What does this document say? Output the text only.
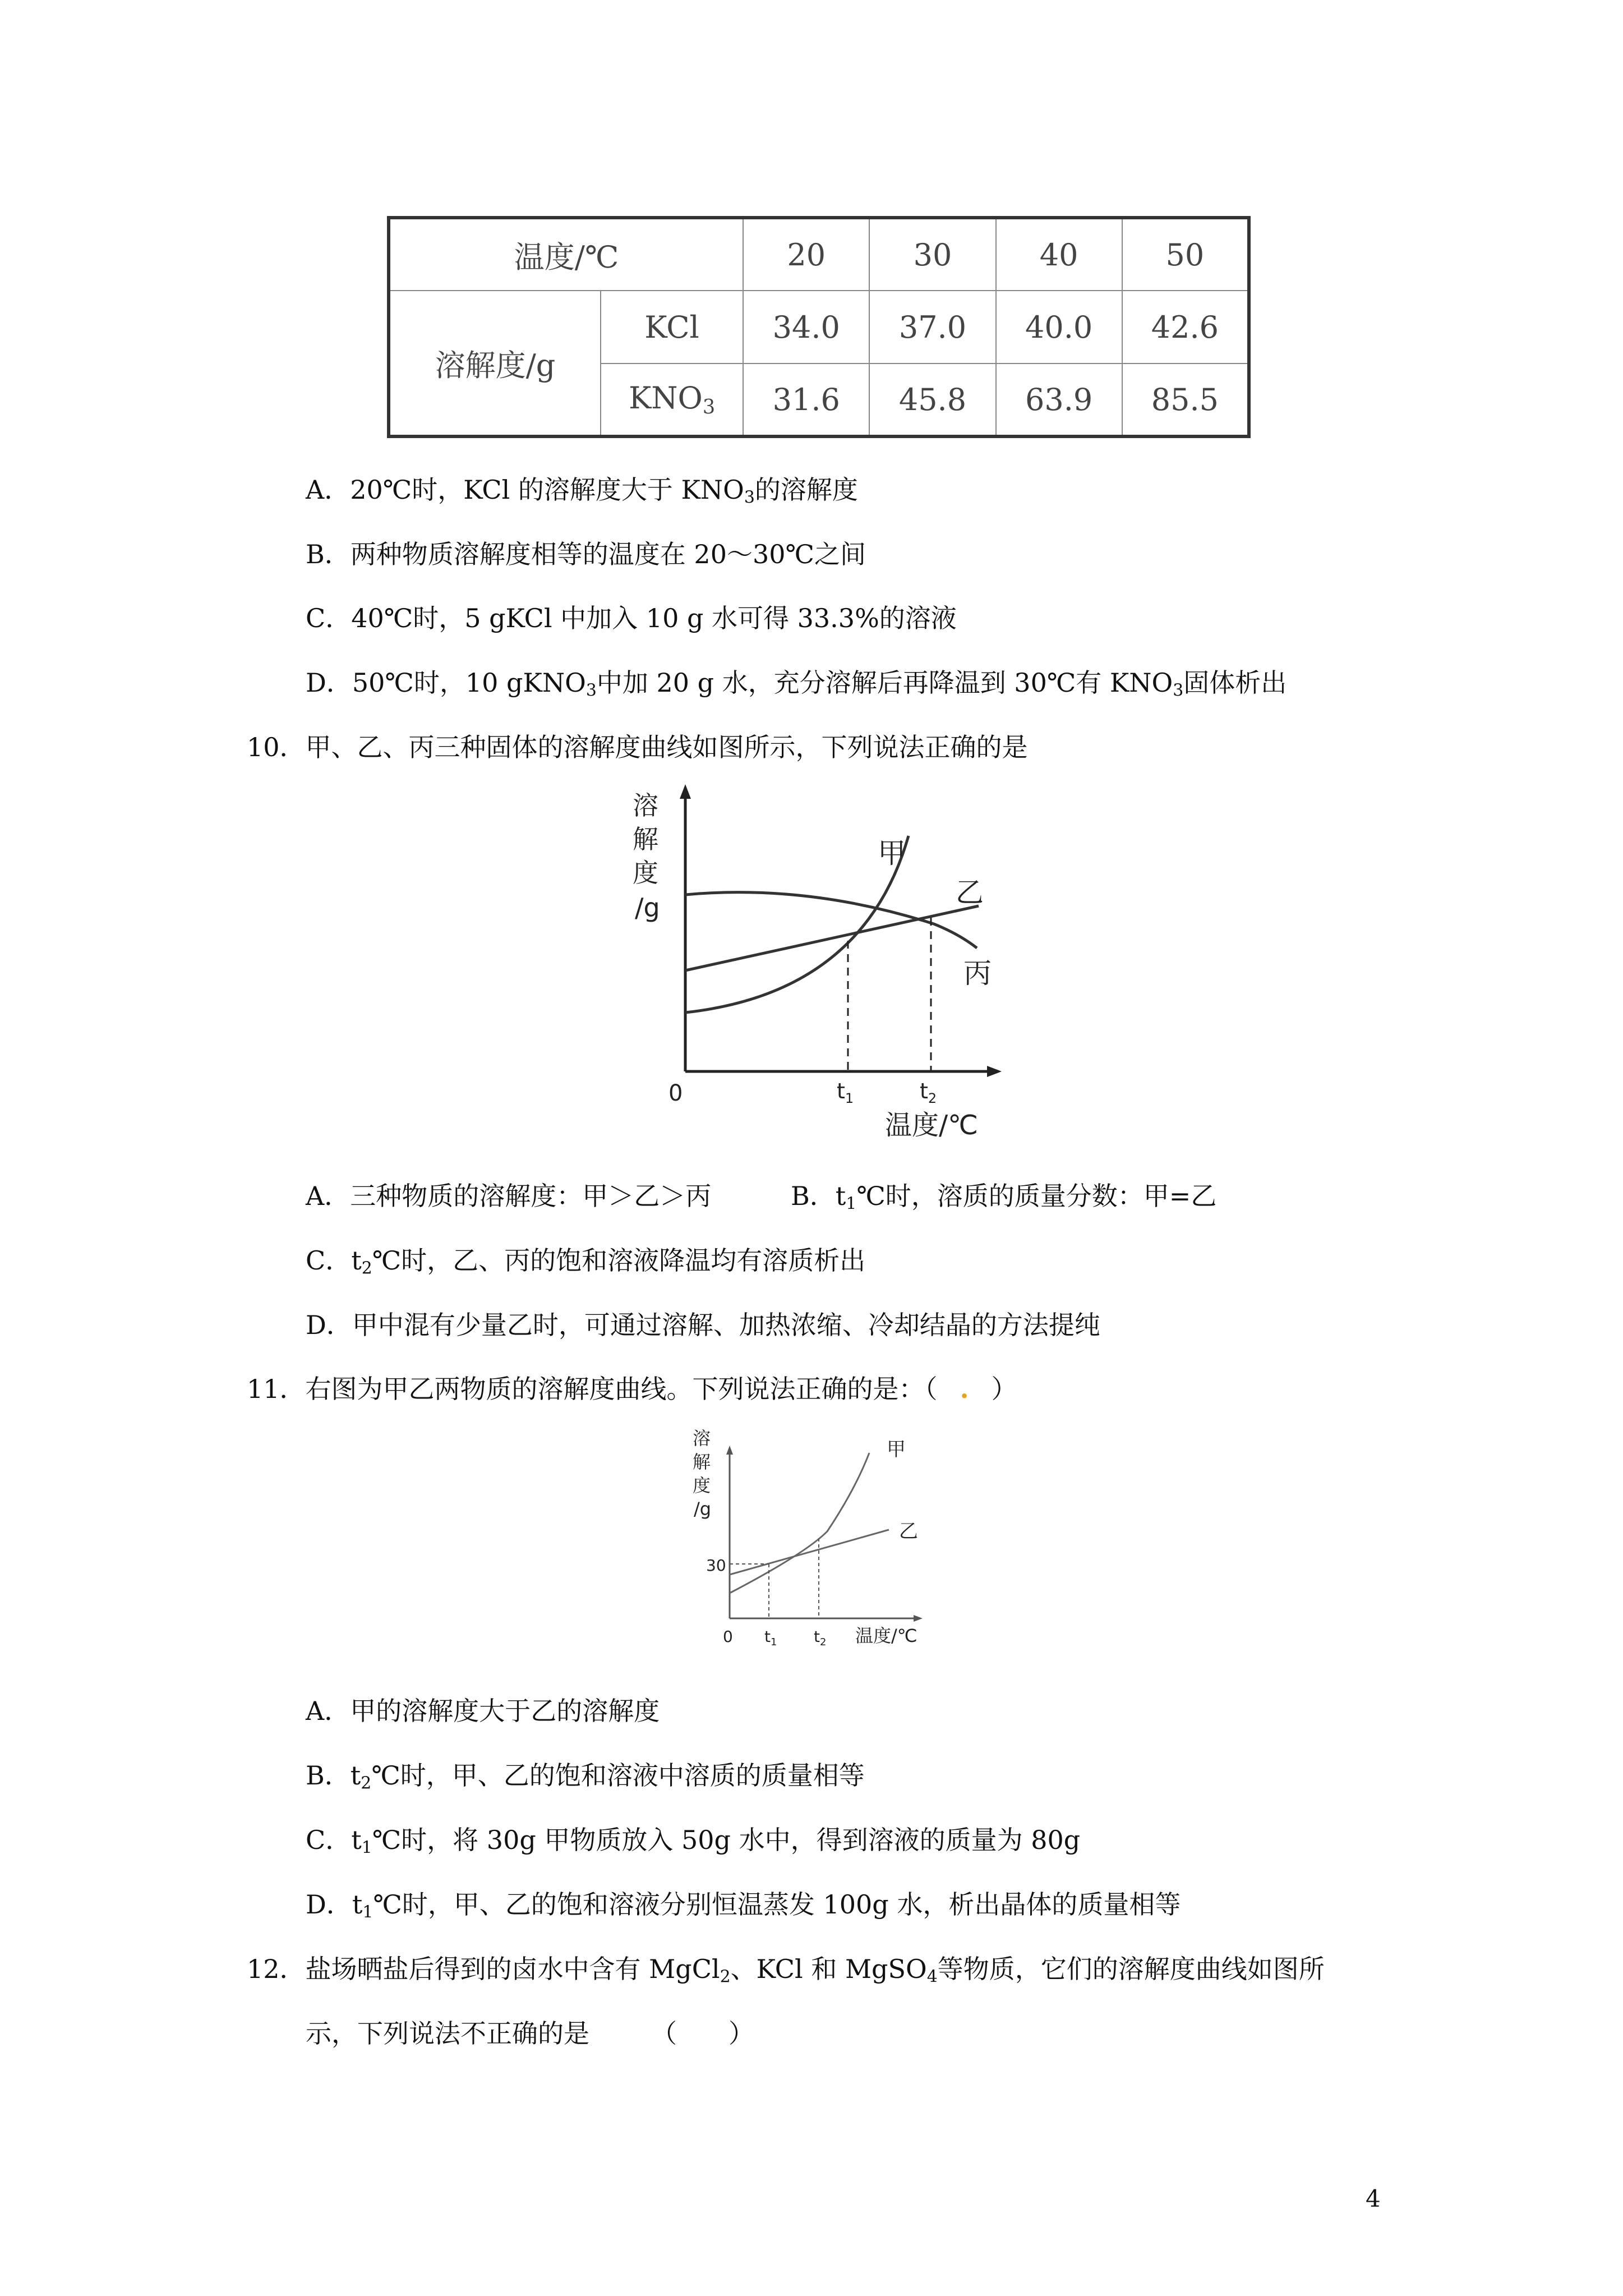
温度/℃		20	30	40	50
溶解度/g	KCl	34.0	37.0	40.0	42.6
	$KNO_3$	31.6	45.8	63.9	85.5
A．20℃时，KCl 的溶解度大于 $KNO_3$的溶解度
B．两种物质溶解度相等的温度在 20～30℃之间
C．40℃时，5 gKCl 中加入 10 g 水可得 33.3%的溶液
D．50℃时，10 gKNO$_3$中加 20 g 水，充分溶解后再降温到 30℃有 $KNO_3$固体析出
10．甲、乙、丙三种固体的溶解度曲线如图所示，下列说法正确的是
溶
解
度
/g
0	$t_1$	$t_2$
温度/℃
甲
乙
丙
A．三种物质的溶解度：甲＞乙＞丙	B．$t_1℃$时，溶质的质量分数：甲=乙
C．$t_2℃$时，乙、丙的饱和溶液降温均有溶质析出
D．甲中混有少量乙时，可通过溶解、加热浓缩、冷却结晶的方法提纯
11．右图为甲乙两物质的溶解度曲线。下列说法正确的是：（ . ）
溶
解
度
/g
30
0 $t_1$ $t_2$ 温度/℃
甲
乙
A．甲的溶解度大于乙的溶解度
B．$t_2℃$时，甲、乙的饱和溶液中溶质的质量相等
C．$t_1℃$时，将 30g 甲物质放入 50g 水中，得到溶液的质量为 80g
D．$t_1℃$时，甲、乙的饱和溶液分别恒温蒸发 100g 水，析出晶体的质量相等
12．盐场晒盐后得到的卤水中含有 MgCl$_2$、KCl 和 MgSO$_4$等物质，它们的溶解度曲线如图所
示，下列说法不正确的是 （　　）
4
